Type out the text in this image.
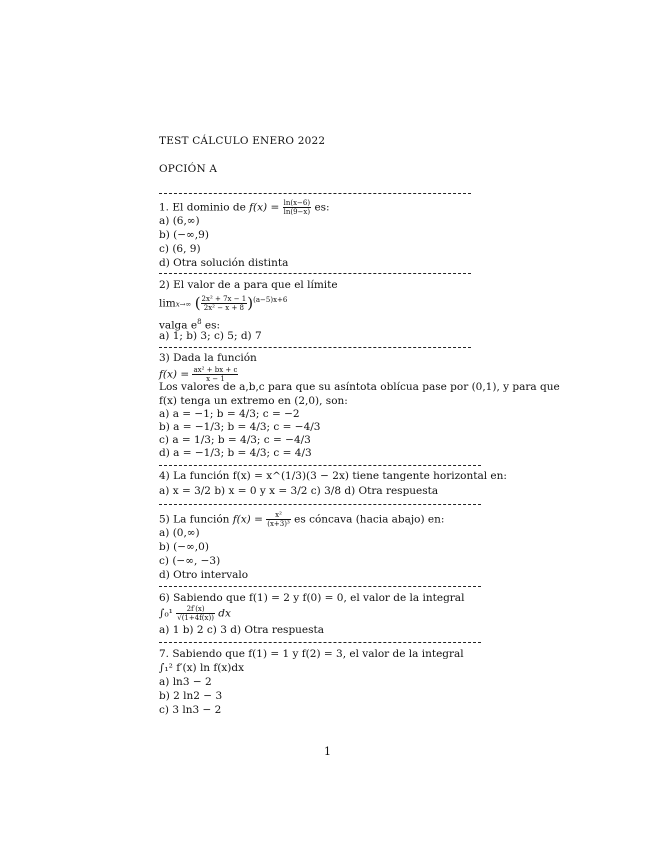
TEST CÁLCULO ENERO 2022
OPCIÓN A
1. El dominio de $f(x) = \frac{\ln(x-6)}{\ln(9-x)}$ es:
a) (6,∞)
b) (−∞,9)
c) (6, 9)
d) Otra solución distinta
2) El valor de a para que el límite
limx→∞ ( $\frac{\text{2x² + 7x − 1}}{\text{2x² − x + 8}} )^{(a-5)x+6}$
valga $e^8$ es:
a) 1; b) 3; c) 5; d) 7
3) Dada la función
$f(x) = \frac{\text{ax² + bx + c}}{x - 1}$
Los valores de a,b,c para que su asíntota oblícua pase por (0,1), y para que
f(x) tenga un extremo en (2,0), son:
a) a = −1; b = 4/3; c = −2
b) a = −1/3; b = 4/3; c = −4/3
c) a = 1/3; b = 4/3; c = −4/3
d) a = −1/3; b = 4/3; c = 4/3
4) La función f(x) = x^(1/3)(3 − 2x) tiene tangente horizontal en:
a) x = 3/2 b) x = 0 y x = 3/2 c) 3/8 d) Otra respuesta
5) La función $f(x) = \frac{\text{x²}}{\text{(x+3)³}}$ es cóncava (hacia abajo) en:
a) (0,∞)
b) (−∞,0)
c) (−∞, −3)
d) Otro intervalo
6) Sabiendo que f(1) = 2 y f(0) = 0, el valor de la integral
$\int_0^1 \frac{2f'(x)}{√(1+4f(x))}$ dx
a) 1 b) 2 c) 3 d) Otra respuesta
7. Sabiendo que f(1) = 1 y f(2) = 3, el valor de la integral
∫₁² f′(x) ln f(x)dx
a) ln3 − 2
b) 2 ln2 − 3
c) 3 ln3 − 2
1
